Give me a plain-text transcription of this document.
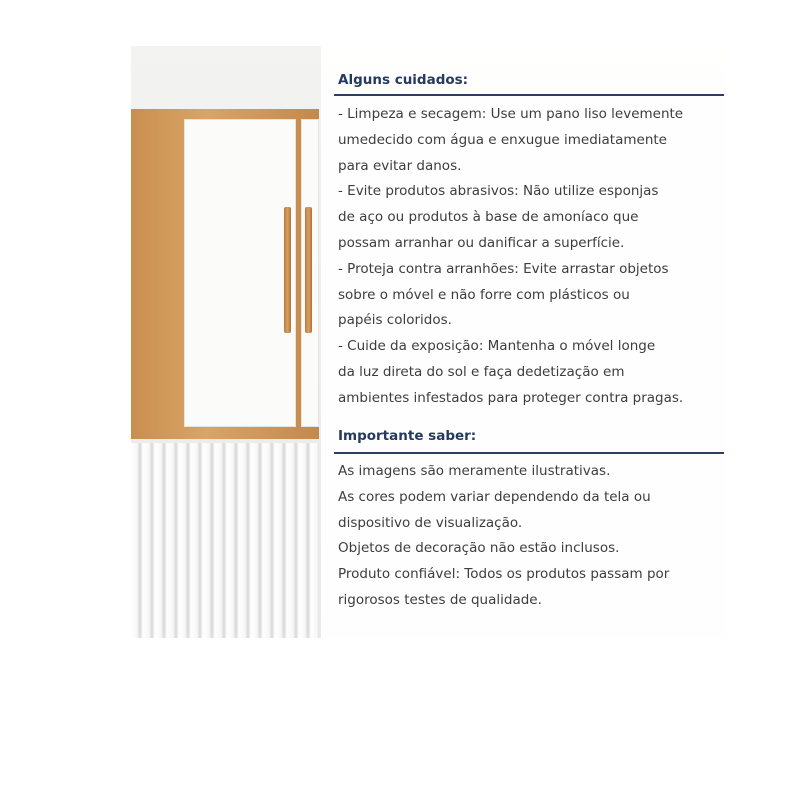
Alguns cuidados:
- Limpeza e secagem: Use um pano liso levemente
umedecido com água e enxugue imediatamente
para evitar danos.
- Evite produtos abrasivos: Não utilize esponjas
de aço ou produtos à base de amoníaco que
possam arranhar ou danificar a superfície.
- Proteja contra arranhões: Evite arrastar objetos
sobre o móvel e não forre com plásticos ou
papéis coloridos.
- Cuide da exposição: Mantenha o móvel longe
da luz direta do sol e faça dedetização em
ambientes infestados para proteger contra pragas.
Importante saber:
As imagens são meramente ilustrativas.
As cores podem variar dependendo da tela ou
dispositivo de visualização.
Objetos de decoração não estão inclusos.
Produto confiável: Todos os produtos passam por
rigorosos testes de qualidade.
